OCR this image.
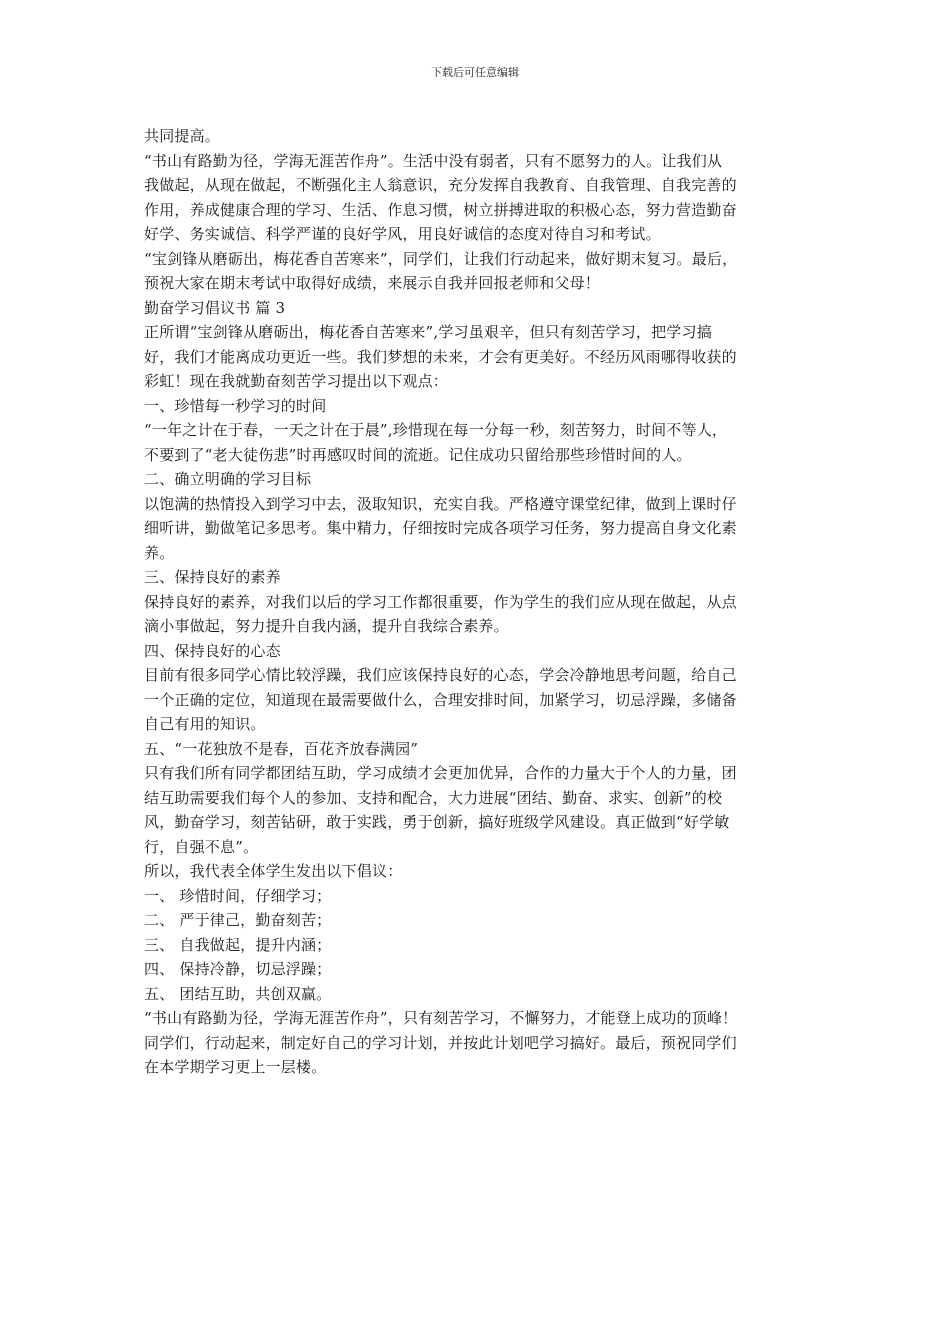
下载后可任意编辑
共同提高。
“书山有路勤为径，学海无涯苦作舟”。生活中没有弱者，只有不愿努力的人。让我们从
我做起，从现在做起，不断强化主人翁意识，充分发挥自我教育、自我管理、自我完善的
作用，养成健康合理的学习、生活、作息习惯，树立拼搏进取的积极心态，努力营造勤奋
好学、务实诚信、科学严谨的良好学风，用良好诚信的态度对待自习和考试。
“宝剑锋从磨砺出，梅花香自苦寒来”，同学们，让我们行动起来，做好期末复习。最后，
预祝大家在期末考试中取得好成绩，来展示自我并回报老师和父母！
勤奋学习倡议书 篇 3
正所谓“宝剑锋从磨砺出，梅花香自苦寒来”,学习虽艰辛，但只有刻苦学习，把学习搞
好，我们才能离成功更近一些。我们梦想的未来，才会有更美好。不经历风雨哪得收获的
彩虹！现在我就勤奋刻苦学习提出以下观点：
一、珍惜每一秒学习的时间
“一年之计在于春，一天之计在于晨”,珍惜现在每一分每一秒，刻苦努力，时间不等人，
不要到了“老大徒伤悲”时再感叹时间的流逝。记住成功只留给那些珍惜时间的人。
二、确立明确的学习目标
以饱满的热情投入到学习中去，汲取知识，充实自我。严格遵守课堂纪律，做到上课时仔
细听讲，勤做笔记多思考。集中精力，仔细按时完成各项学习任务，努力提高自身文化素
养。
三、保持良好的素养
保持良好的素养，对我们以后的学习工作都很重要，作为学生的我们应从现在做起，从点
滴小事做起，努力提升自我内涵，提升自我综合素养。
四、保持良好的心态
目前有很多同学心情比较浮躁，我们应该保持良好的心态，学会冷静地思考问题，给自己
一个正确的定位，知道现在最需要做什么，合理安排时间，加紧学习，切忌浮躁，多储备
自己有用的知识。
五、“一花独放不是春，百花齐放春满园”
只有我们所有同学都团结互助，学习成绩才会更加优异，合作的力量大于个人的力量，团
结互助需要我们每个人的参加、支持和配合，大力进展“团结、勤奋、求实、创新”的校
风，勤奋学习，刻苦钻研，敢于实践，勇于创新，搞好班级学风建设。真正做到“好学敏
行，自强不息”。
所以，我代表全体学生发出以下倡议：
一、 珍惜时间，仔细学习；
二、 严于律己，勤奋刻苦；
三、 自我做起，提升内涵；
四、 保持冷静，切忌浮躁；
五、 团结互助，共创双赢。
“书山有路勤为径，学海无涯苦作舟”，只有刻苦学习，不懈努力，才能登上成功的顶峰！
同学们，行动起来，制定好自己的学习计划，并按此计划吧学习搞好。最后，预祝同学们
在本学期学习更上一层楼。
